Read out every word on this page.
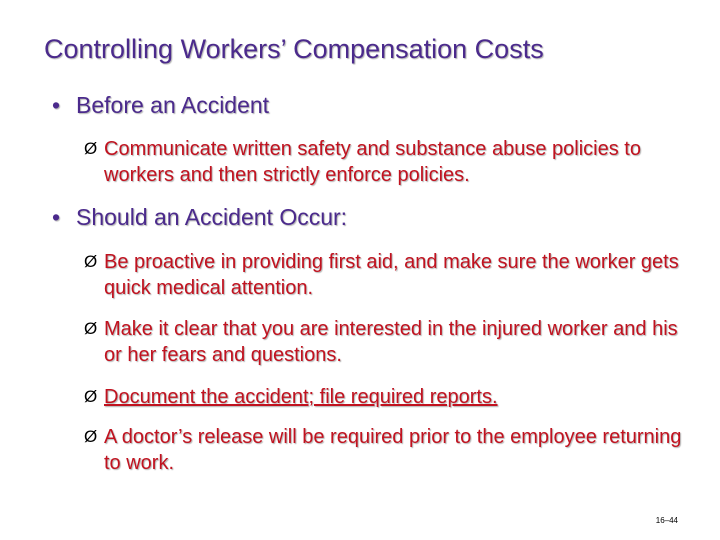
Controlling Workers’ Compensation Costs
• Before an Accident
Ø Communicate written safety and substance abuse policies to workers and then strictly enforce policies.
• Should an Accident Occur:
Ø Be proactive in providing first aid, and make sure the worker gets quick medical attention.
Ø Make it clear that you are interested in the injured worker and his or her fears and questions.
Ø Document the accident; file required reports.
Ø A doctor’s release will be required prior to the employee returning to work.
16–44
